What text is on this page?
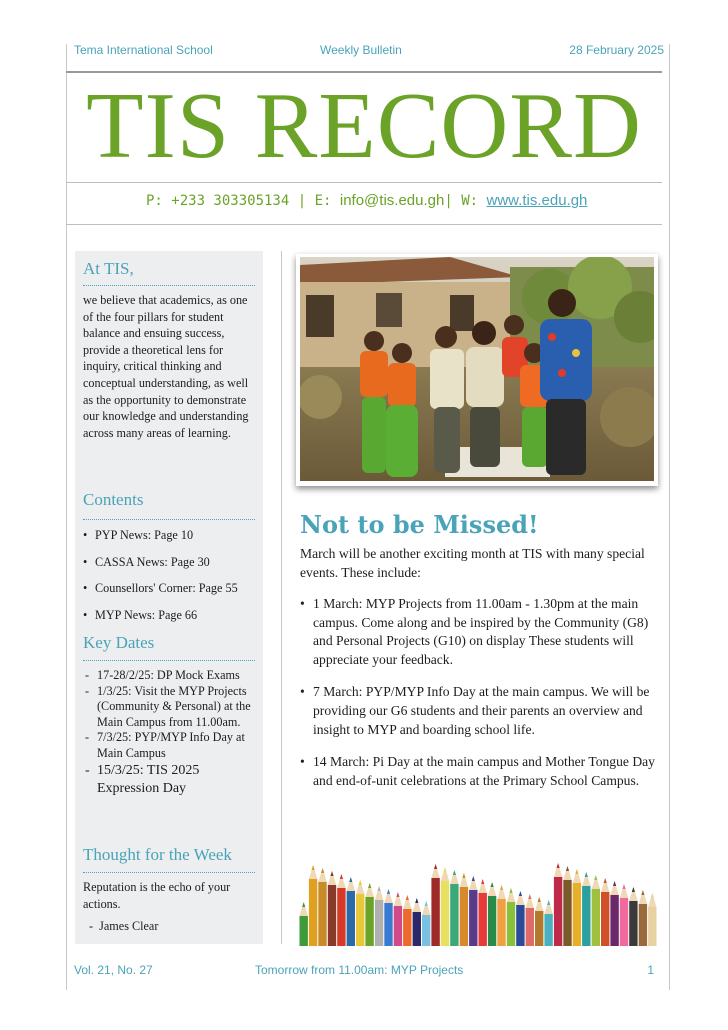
Tema International School	Weekly Bulletin	28 February 2025
TIS RECORD
P: +233 303305134 | E: info@tis.edu.gh| W: www.tis.edu.gh
At TIS,
we believe that academics, as one of the four pillars for student balance and ensuing success, provide a theoretical lens for inquiry, critical thinking and conceptual understanding, as well as the opportunity to demonstrate our knowledge and understanding across many areas of learning.
Contents
• PYP News: Page 10
• CASSA News: Page 30
• Counsellors' Corner: Page 55
• MYP News: Page 66
Key Dates
- 17-28/2/25: DP Mock Exams
- 1/3/25: Visit the MYP Projects (Community & Personal) at the Main Campus from 11.00am.
- 7/3/25: PYP/MYP Info Day at Main Campus
- 15/3/25: TIS 2025 Expression Day
Thought for the Week
Reputation is the echo of your actions.
-  James Clear
Not to be Missed!
March will be another exciting month at TIS with many special events. These include:
• 1 March: MYP Projects from 11.00am - 1.30pm at the main campus. Come along and be inspired by the Community (G8) and Personal Projects (G10) on display These students will appreciate your feedback.
• 7 March: PYP/MYP Info Day at the main campus. We will be providing our G6 students and their parents an overview and insight to MYP and boarding school life.
• 14 March: Pi Day at the main campus and Mother Tongue Day and end-of-unit celebrations at the Primary School Campus.
Vol. 21, No. 27	Tomorrow from 11.00am: MYP Projects	1
